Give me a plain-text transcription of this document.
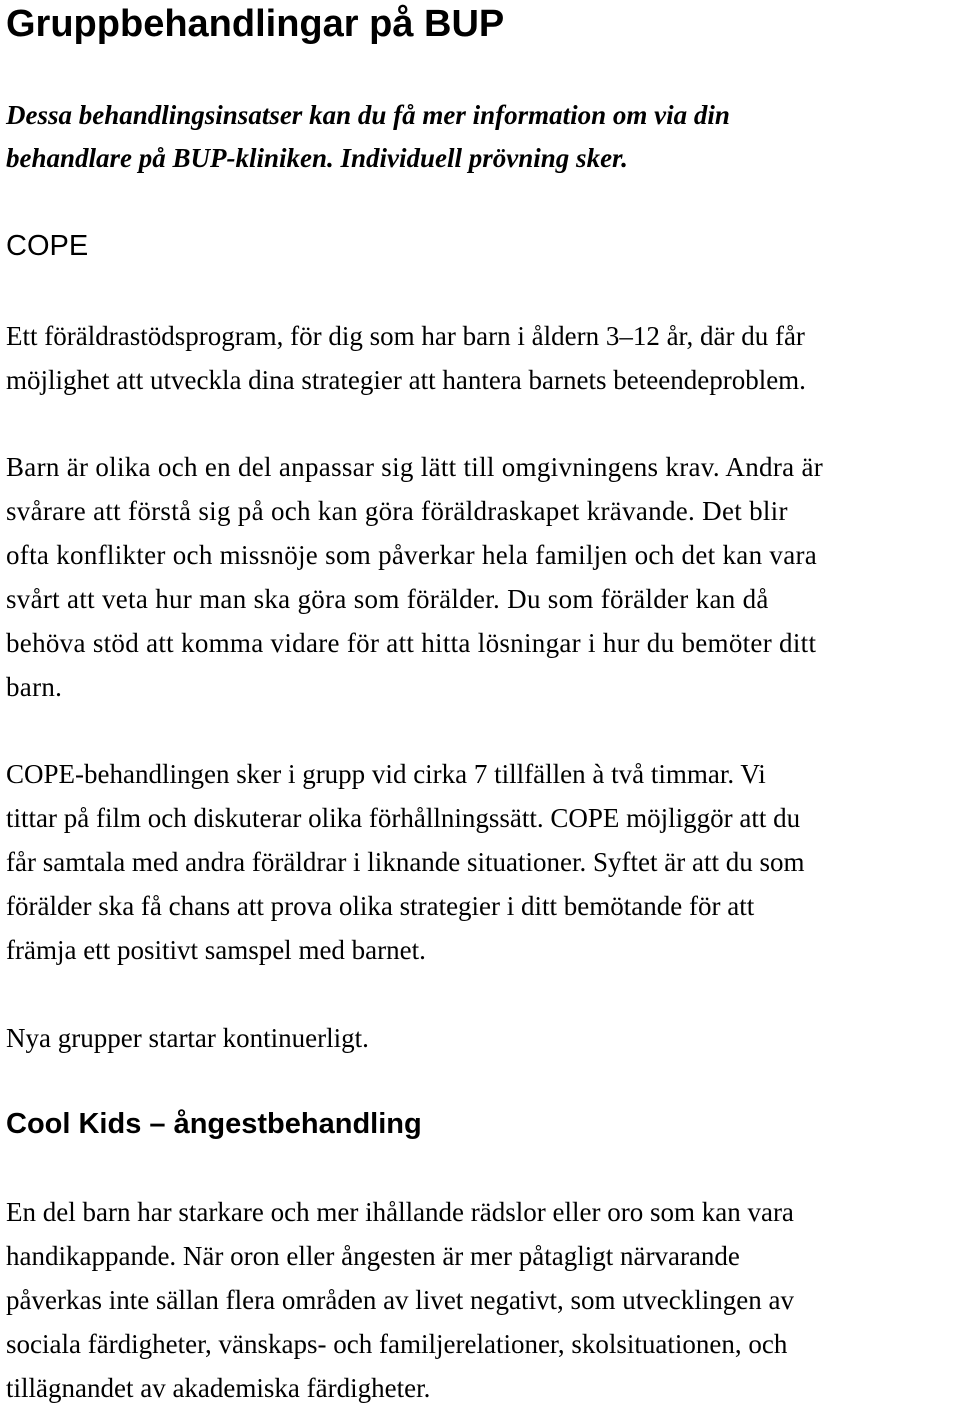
Gruppbehandlingar på BUP
Dessa behandlingsinsatser kan du få mer information om via din
behandlare på BUP-kliniken. Individuell prövning sker.
COPE

Ett föräldrastödsprogram, för dig som har barn i åldern 3–12 år, där du får
möjlighet att utveckla dina strategier att hantera barnets beteendeproblem.

Barn är olika och en del anpassar sig lätt till omgivningens krav. Andra är
svårare att förstå sig på och kan göra föräldraskapet krävande. Det blir
ofta konflikter och missnöje som påverkar hela familjen och det kan vara
svårt att veta hur man ska göra som förälder. Du som förälder kan då
behöva stöd att komma vidare för att hitta lösningar i hur du bemöter ditt
barn.

COPE-behandlingen sker i grupp vid cirka 7 tillfällen à två timmar. Vi
tittar på film och diskuterar olika förhållningssätt. COPE möjliggör att du
får samtala med andra föräldrar i liknande situationer. Syftet är att du som
förälder ska få chans att prova olika strategier i ditt bemötande för att
främja ett positivt samspel med barnet.

Nya grupper startar kontinuerligt.

Cool Kids – ångestbehandling

En del barn har starkare och mer ihållande rädslor eller oro som kan vara
handikappande. När oron eller ångesten är mer påtagligt närvarande
påverkas inte sällan flera områden av livet negativt, som utvecklingen av
sociala färdigheter, vänskaps- och familjerelationer, skolsituationen, och
tillägnandet av akademiska färdigheter.
